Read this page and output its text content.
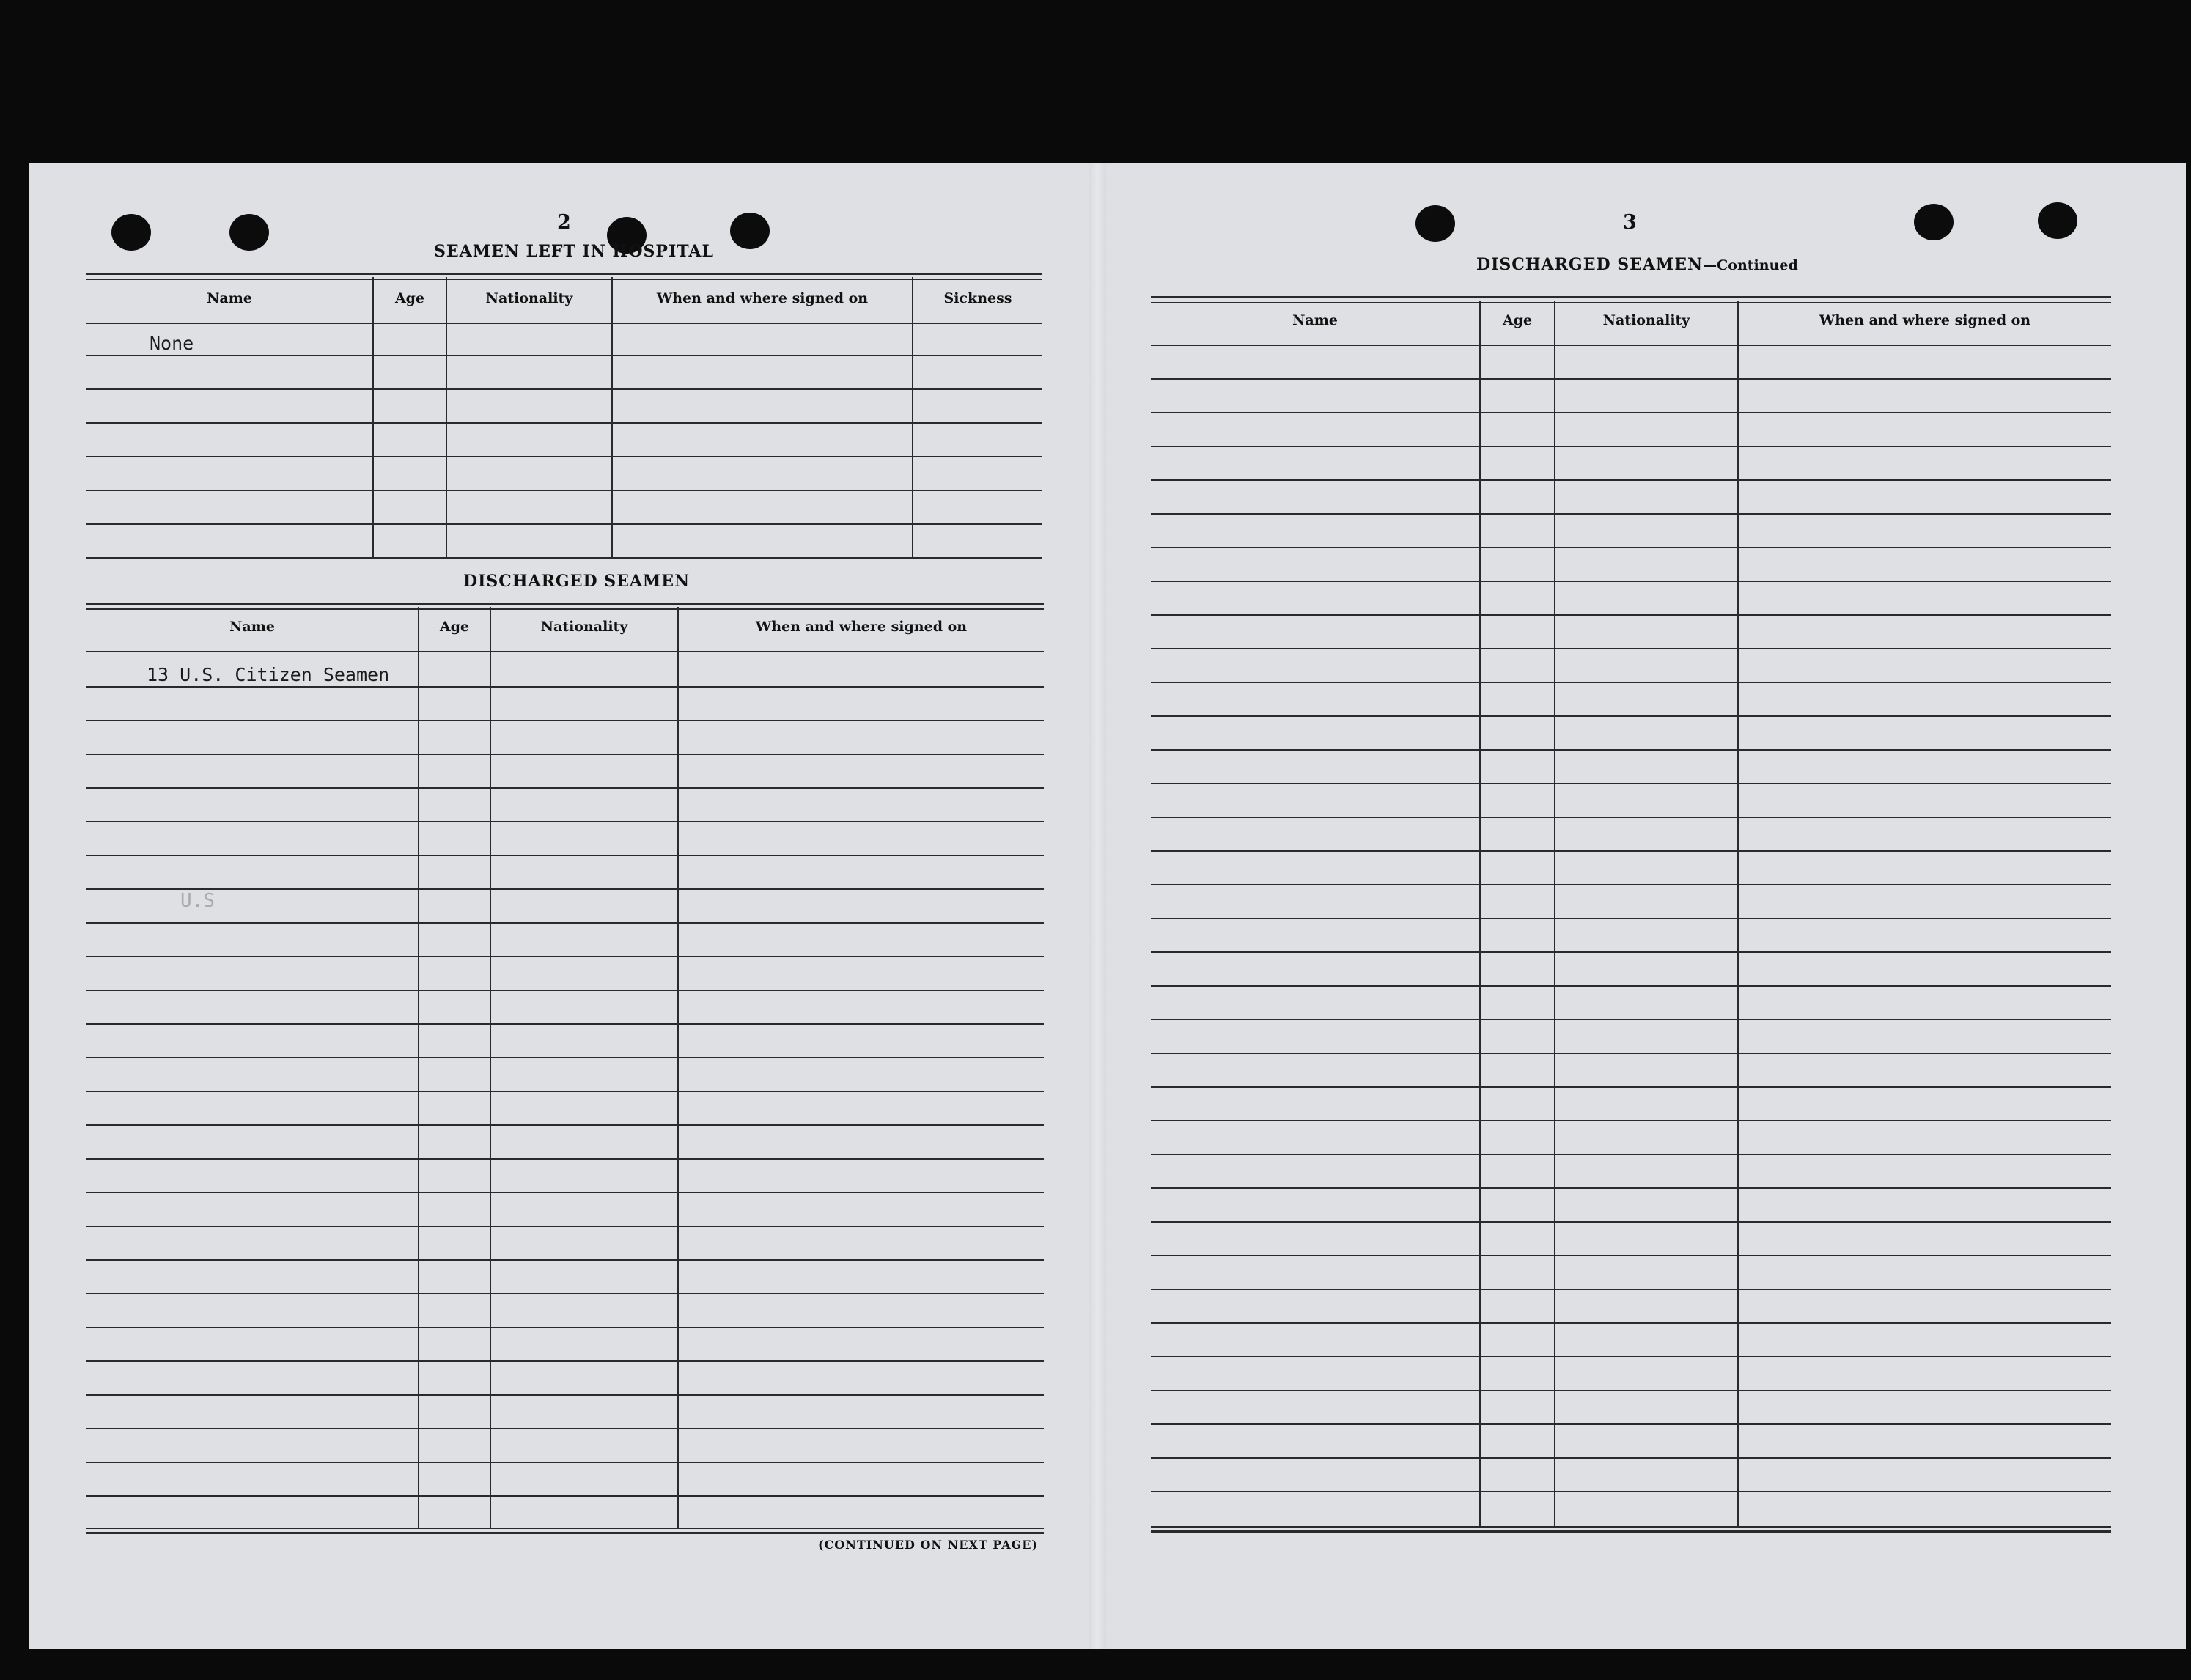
2
SEAMEN LEFT IN HOSPITAL
Name	Age	Nationality	When and where signed on	Sickness
None
DISCHARGED SEAMEN
Name	Age	Nationality	When and where signed on
13 U.S. Citizen Seamen
U.S
(CONTINUED ON NEXT PAGE)
3
DISCHARGED SEAMEN—Continued
Name	Age	Nationality	When and where signed on
